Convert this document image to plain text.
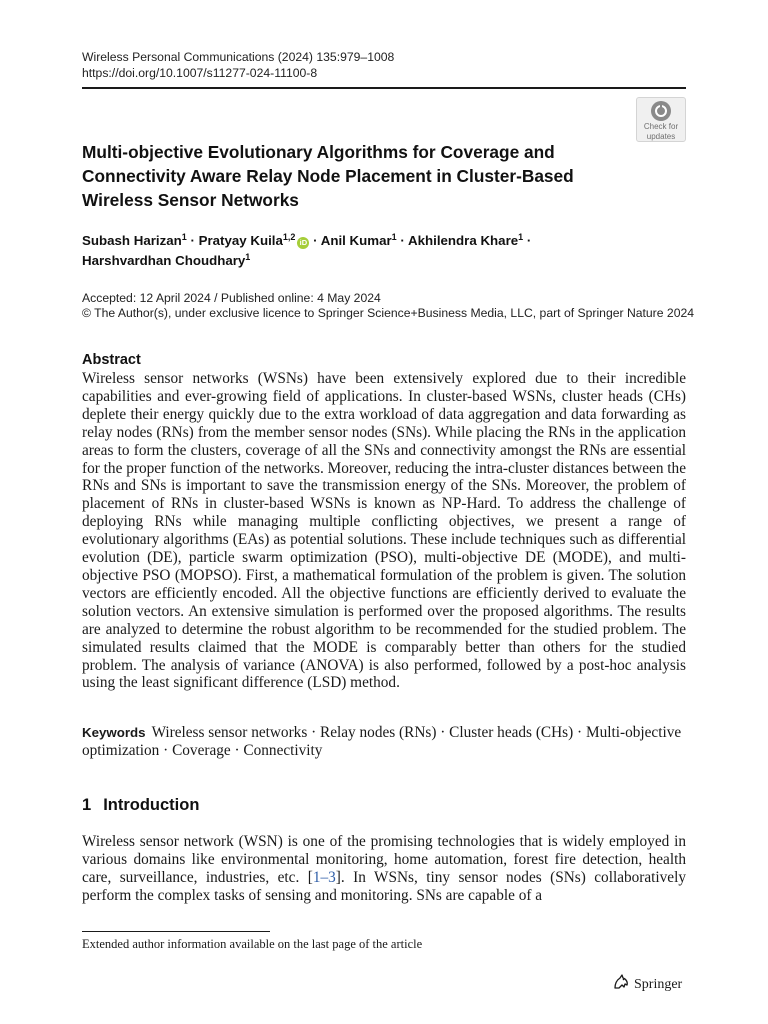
Wireless Personal Communications (2024) 135:979–1008
https://doi.org/10.1007/s11277-024-11100-8
Check for
updates
Multi-objective Evolutionary Algorithms for Coverage and Connectivity Aware Relay Node Placement in Cluster-Based Wireless Sensor Networks
Subash Harizan$^1$ · Pratyay Kuila$^{1,2}$iD · Anil Kumar$^1$ · Akhilendra Khare$^1$ ·
Harshvardhan Choudhary$^1$
Accepted: 12 April 2024 / Published online: 4 May 2024
© The Author(s), under exclusive licence to Springer Science+Business Media, LLC, part of Springer Nature 2024
Abstract

Wireless sensor networks (WSNs) have been extensively explored due to their incredible capabilities and ever-growing field of applications. In cluster-based WSNs, cluster heads (CHs) deplete their energy quickly due to the extra workload of data aggregation and data forwarding as relay nodes (RNs) from the member sensor nodes (SNs). While placing the RNs in the application areas to form the clusters, coverage of all the SNs and connectivity amongst the RNs are essential for the proper function of the networks. Moreover, reducing the intra-cluster distances between the RNs and SNs is important to save the transmission energy of the SNs. Moreover, the problem of placement of RNs in cluster-based WSNs is known as NP-Hard. To address the challenge of deploying RNs while managing multiple conflicting objectives, we present a range of evolutionary algorithms (EAs) as potential solutions. These include techniques such as differential evolution (DE), particle swarm optimization (PSO), multi-objective DE (MODE), and multi-objective PSO (MOPSO). First, a mathematical formulation of the problem is given. The solution vectors are efficiently encoded. All the objective functions are efficiently derived to evaluate the solution vectors. An extensive simulation is performed over the proposed algorithms. The results are analyzed to determine the robust algorithm to be recommended for the studied problem. The simulated results claimed that the MODE is comparably better than others for the studied problem. The analysis of variance (ANOVA) is also performed, followed by a post-hoc analysis using the least significant difference (LSD) method.

Keywords Wireless sensor networks · Relay nodes (RNs) · Cluster heads (CHs) · Multi-objective optimization · Coverage · Connectivity

1 Introduction

Wireless sensor network (WSN) is one of the promising technologies that is widely employed in various domains like environmental monitoring, home automation, forest fire detection, health care, surveillance, industries, etc. [1–3]. In WSNs, tiny sensor nodes (SNs) collaboratively perform the complex tasks of sensing and monitoring. SNs are capable of a

Extended author information available on the last page of the article
Springer
